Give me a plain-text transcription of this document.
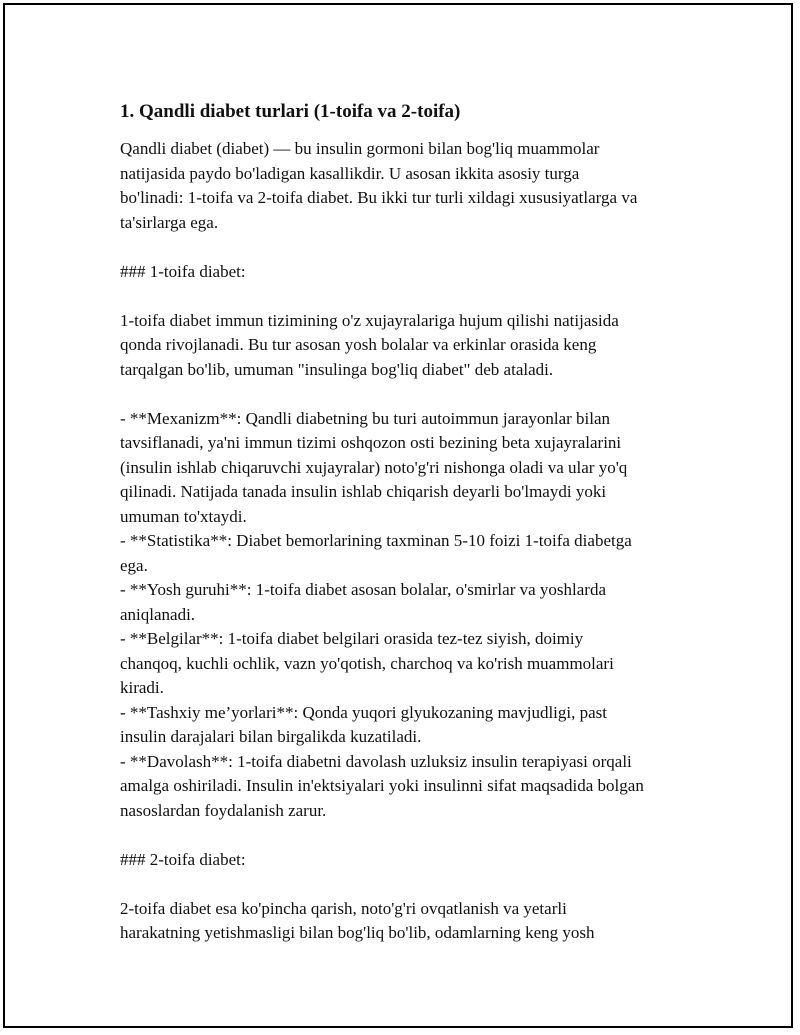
1. Qandli diabet turlari (1-toifa va 2-toifa)
Qandli diabet (diabet) — bu insulin gormoni bilan bog'liq muammolar
natijasida paydo bo'ladigan kasallikdir. U asosan ikkita asosiy turga
bo'linadi: 1-toifa va 2-toifa diabet. Bu ikki tur turli xildagi xususiyatlarga va
ta'sirlarga ega.
### 1-toifa diabet:
1-toifa diabet immun tizimining o'z xujayralariga hujum qilishi natijasida
qonda rivojlanadi. Bu tur asosan yosh bolalar va erkinlar orasida keng
tarqalgan bo'lib, umuman "insulinga bog'liq diabet" deb ataladi.
- **Mexanizm**: Qandli diabetning bu turi autoimmun jarayonlar bilan
tavsiflanadi, ya'ni immun tizimi oshqozon osti bezining beta xujayralarini
(insulin ishlab chiqaruvchi xujayralar) noto'g'ri nishonga oladi va ular yo'q
qilinadi. Natijada tanada insulin ishlab chiqarish deyarli bo'lmaydi yoki
umuman to'xtaydi.
- **Statistika**: Diabet bemorlarining taxminan 5-10 foizi 1-toifa diabetga
ega.
- **Yosh guruhi**: 1-toifa diabet asosan bolalar, o'smirlar va yoshlarda
aniqlanadi.
- **Belgilar**: 1-toifa diabet belgilari orasida tez-tez siyish, doimiy
chanqoq, kuchli ochlik, vazn yo'qotish, charchoq va ko'rish muammolari
kiradi.
- **Tashxiy me’yorlari**: Qonda yuqori glyukozaning mavjudligi, past
insulin darajalari bilan birgalikda kuzatiladi.
- **Davolash**: 1-toifa diabetni davolash uzluksiz insulin terapiyasi orqali
amalga oshiriladi. Insulin in'ektsiyalari yoki insulinni sifat maqsadida bolgan
nasoslardan foydalanish zarur.
### 2-toifa diabet:
2-toifa diabet esa ko'pincha qarish, noto'g'ri ovqatlanish va yetarli
harakatning yetishmasligi bilan bog'liq bo'lib, odamlarning keng yosh
